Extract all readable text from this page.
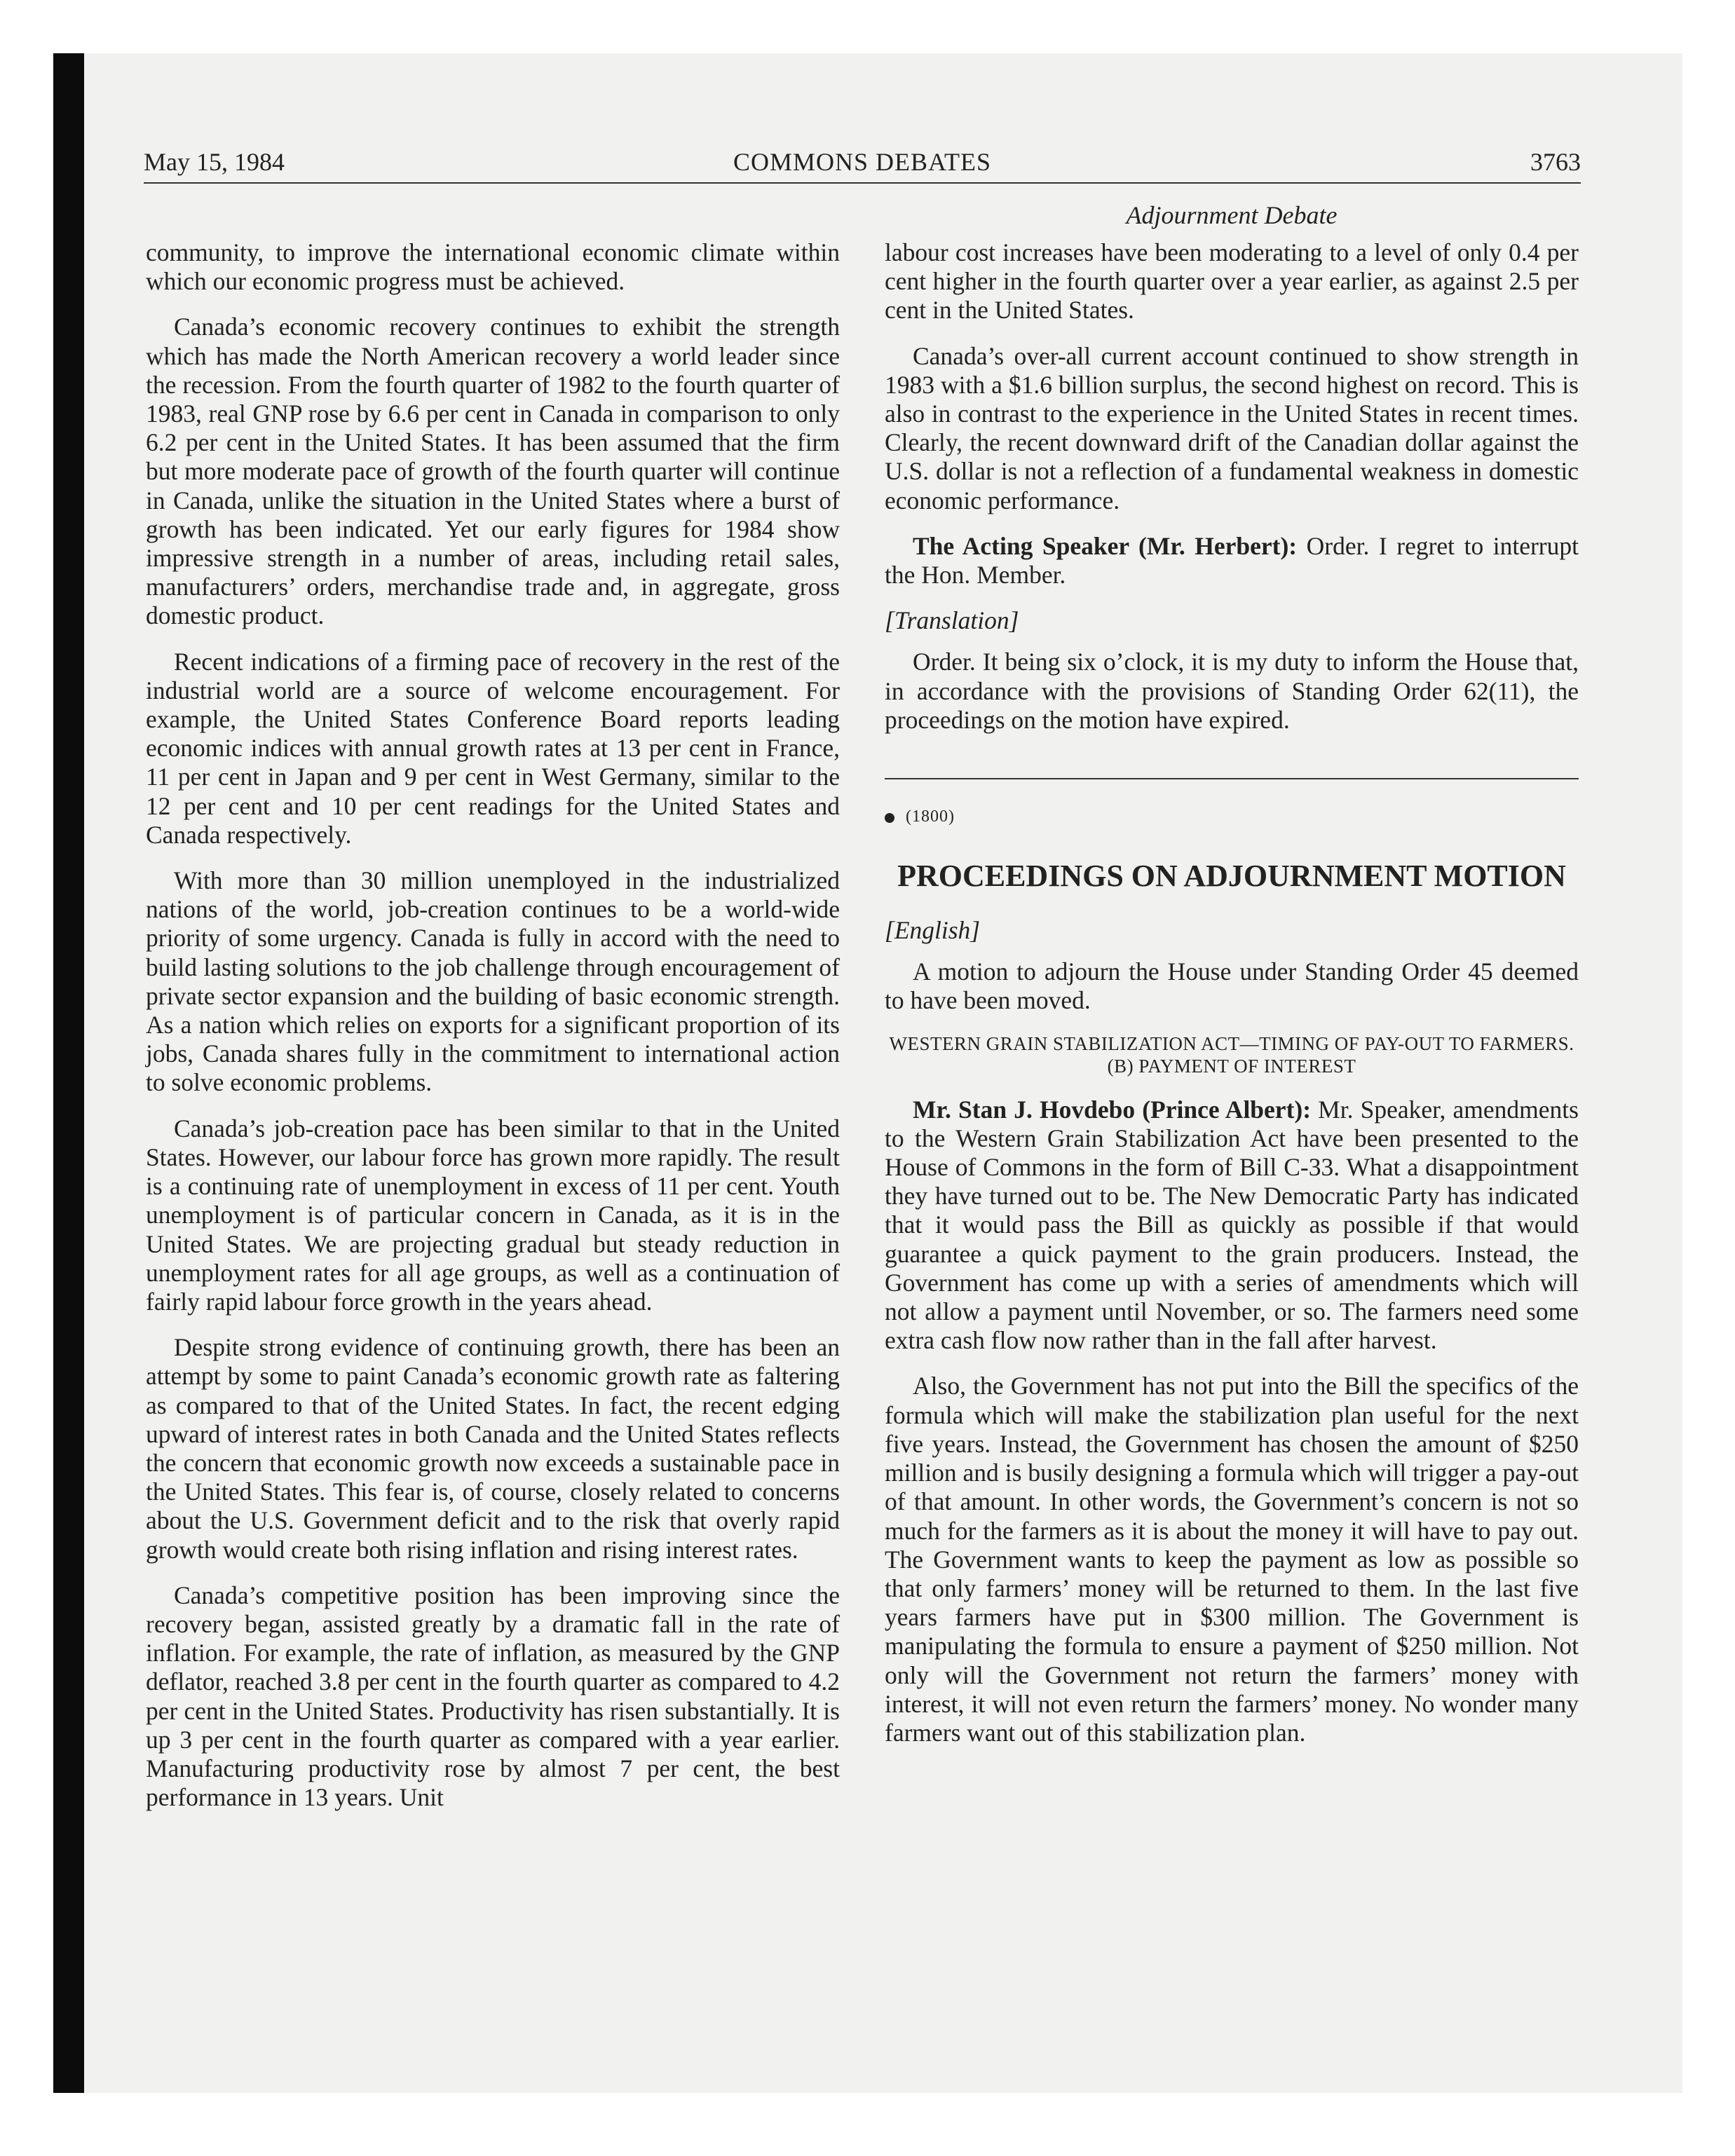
COMMONS DEBATES
May 15, 1984	3763
Adjournment Debate

community, to improve the international economic climate within which our economic progress must be achieved.

Canada’s economic recovery continues to exhibit the strength which has made the North American recovery a world leader since the recession. From the fourth quarter of 1982 to the fourth quarter of 1983, real GNP rose by 6.6 per cent in Canada in comparison to only 6.2 per cent in the United States. It has been assumed that the firm but more moderate pace of growth of the fourth quarter will continue in Canada, unlike the situation in the United States where a burst of growth has been indicated. Yet our early figures for 1984 show impressive strength in a number of areas, including retail sales, manufacturers’ orders, merchandise trade and, in aggregate, gross domestic product.

Recent indications of a firming pace of recovery in the rest of the industrial world are a source of welcome encouragement. For example, the United States Conference Board reports leading economic indices with annual growth rates at 13 per cent in France, 11 per cent in Japan and 9 per cent in West Germany, similar to the 12 per cent and 10 per cent readings for the United States and Canada respectively.

With more than 30 million unemployed in the industrialized nations of the world, job-creation continues to be a world-wide priority of some urgency. Canada is fully in accord with the need to build lasting solutions to the job challenge through encouragement of private sector expansion and the building of basic economic strength. As a nation which relies on exports for a significant proportion of its jobs, Canada shares fully in the commitment to international action to solve economic problems.

Canada’s job-creation pace has been similar to that in the United States. However, our labour force has grown more rapidly. The result is a continuing rate of unemployment in excess of 11 per cent. Youth unemployment is of particular concern in Canada, as it is in the United States. We are projecting gradual but steady reduction in unemployment rates for all age groups, as well as a continuation of fairly rapid labour force growth in the years ahead.

Despite strong evidence of continuing growth, there has been an attempt by some to paint Canada’s economic growth rate as faltering as compared to that of the United States. In fact, the recent edging upward of interest rates in both Canada and the United States reflects the concern that economic growth now exceeds a sustainable pace in the United States. This fear is, of course, closely related to concerns about the U.S. Government deficit and to the risk that overly rapid growth would create both rising inflation and rising interest rates.

Canada’s competitive position has been improving since the recovery began, assisted greatly by a dramatic fall in the rate of inflation. For example, the rate of inflation, as measured by the GNP deflator, reached 3.8 per cent in the fourth quarter as compared to 4.2 per cent in the United States. Productivity has risen substantially. It is up 3 per cent in the fourth quarter as compared with a year earlier. Manufacturing productivity rose by almost 7 per cent, the best performance in 13 years. Unit

labour cost increases have been moderating to a level of only 0.4 per cent higher in the fourth quarter over a year earlier, as against 2.5 per cent in the United States.

Canada’s over-all current account continued to show strength in 1983 with a $1.6 billion surplus, the second highest on record. This is also in contrast to the experience in the United States in recent times. Clearly, the recent downward drift of the Canadian dollar against the U.S. dollar is not a reflection of a fundamental weakness in domestic economic performance.

The Acting Speaker (Mr. Herbert): Order. I regret to interrupt the Hon. Member.

[Translation]

Order. It being six o’clock, it is my duty to inform the House that, in accordance with the provisions of Standing Order 62(11), the proceedings on the motion have expired.

(1800)
PROCEEDINGS ON ADJOURNMENT MOTION

[English]

A motion to adjourn the House under Standing Order 45 deemed to have been moved.

WESTERN GRAIN STABILIZATION ACT—TIMING OF PAY-OUT TO FARMERS. (B) PAYMENT OF INTEREST

Mr. Stan J. Hovdebo (Prince Albert): Mr. Speaker, amendments to the Western Grain Stabilization Act have been presented to the House of Commons in the form of Bill C-33. What a disappointment they have turned out to be. The New Democratic Party has indicated that it would pass the Bill as quickly as possible if that would guarantee a quick payment to the grain producers. Instead, the Government has come up with a series of amendments which will not allow a payment until November, or so. The farmers need some extra cash flow now rather than in the fall after harvest.

Also, the Government has not put into the Bill the specifics of the formula which will make the stabilization plan useful for the next five years. Instead, the Government has chosen the amount of $250 million and is busily designing a formula which will trigger a pay-out of that amount. In other words, the Government’s concern is not so much for the farmers as it is about the money it will have to pay out. The Government wants to keep the payment as low as possible so that only farmers’ money will be returned to them. In the last five years farmers have put in $300 million. The Government is manipulating the formula to ensure a payment of $250 million. Not only will the Government not return the farmers’ money with interest, it will not even return the farmers’ money. No wonder many farmers want out of this stabilization plan.
